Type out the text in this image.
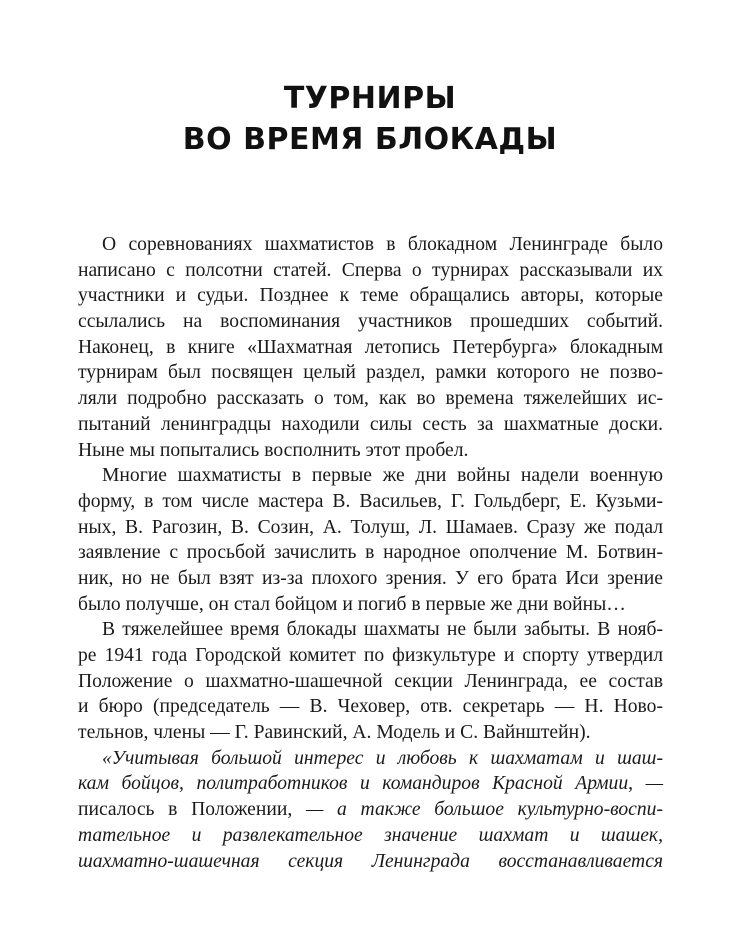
ТУРНИРЫ
ВО ВРЕМЯ БЛОКАДЫ
О соревнованиях шахматистов в блокадном Ленинграде было
написано с полсотни статей. Сперва о турнирах рассказывали их
участники и судьи. Позднее к теме обращались авторы, которые
ссылались на воспоминания участников прошедших событий.
Наконец, в книге «Шахматная летопись Петербурга» блокадным
турнирам был посвящен целый раздел, рамки которого не позво-
ляли подробно рассказать о том, как во времена тяжелейших ис-
пытаний ленинградцы находили силы сесть за шахматные доски.
Ныне мы попытались восполнить этот пробел.
Многие шахматисты в первые же дни войны надели военную
форму, в том числе мастера В. Васильев, Г. Гольдберг, Е. Кузьми-
ных, В. Рагозин, В. Созин, А. Толуш, Л. Шамаев. Сразу же подал
заявление с просьбой зачислить в народное ополчение М. Ботвин-
ник, но не был взят из-за плохого зрения. У его брата Иси зрение
было получше, он стал бойцом и погиб в первые же дни войны…
В тяжелейшее время блокады шахматы не были забыты. В нояб-
ре 1941 года Городской комитет по физкультуре и спорту утвердил
Положение о шахматно-шашечной секции Ленинграда, ее состав
и бюро (председатель — В. Чеховер, отв. секретарь — Н. Ново-
тельнов, члены — Г. Равинский, А. Модель и С. Вайнштейн).
«Учитывая большой интерес и любовь к шахматам и шаш-
кам бойцов, политработников и командиров Красной Армии, —
писалось в Положении, — а также большое культурно-воспи-
тательное и развлекательное значение шахмат и шашек,
шахматно-шашечная секция Ленинграда восстанавливается
